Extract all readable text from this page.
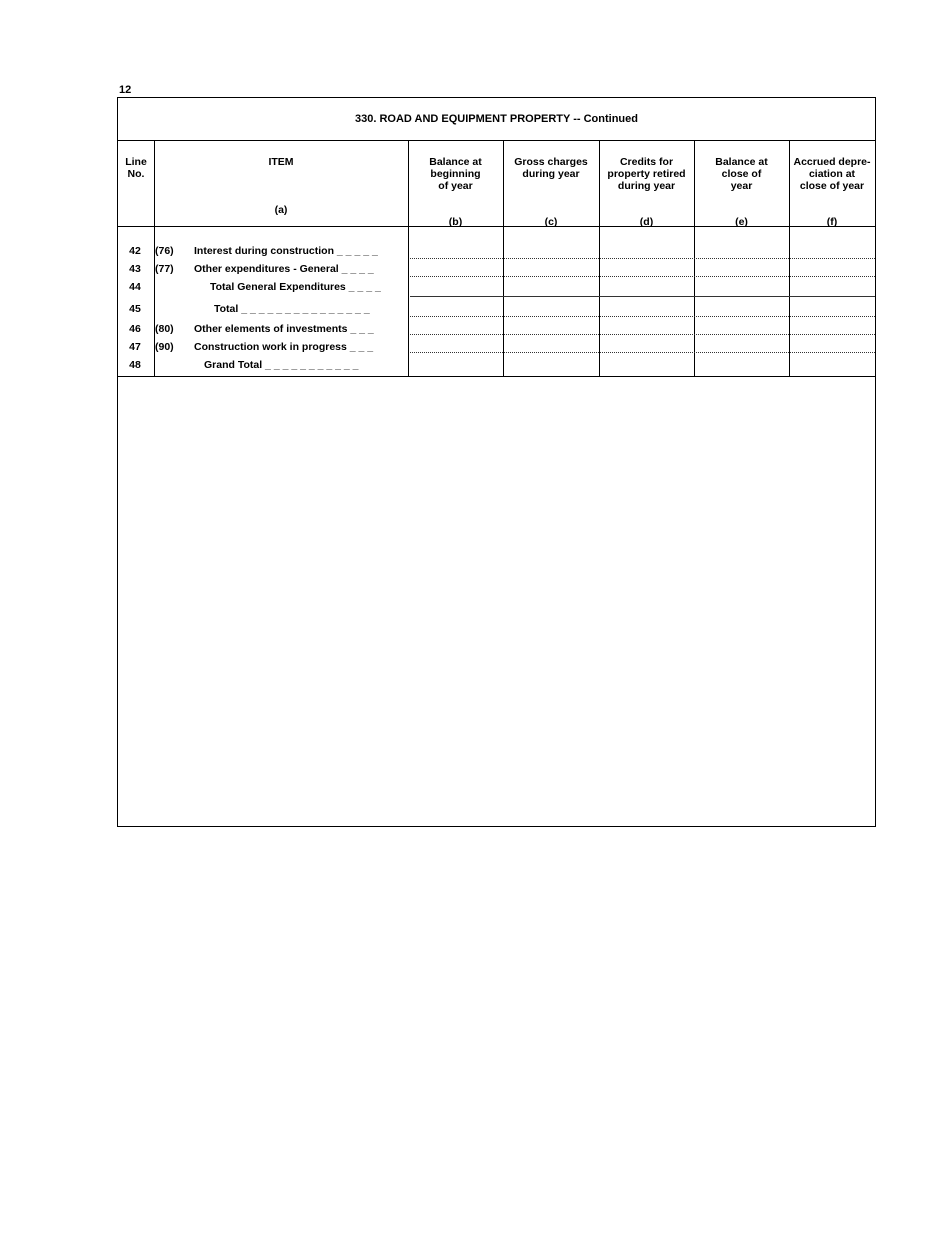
12
330. ROAD AND EQUIPMENT PROPERTY -- Continued
Line
No.
ITEM
(a)
Balance at
beginning
of year
(b)
Gross charges
during year
(c)
Credits for
property retired
during year
(d)
Balance at
close of
year
(e)
Accrued depre-
ciation at
close of year
(f)
42	(76)	Interest during construction _ _ _ _ _
43	(77)	Other expenditures - General _ _ _ _
44	Total General Expenditures _ _ _ _
45	Total _ _ _ _ _ _ _ _ _ _ _ _ _ _ _
46	(80)	Other elements of investments _ _ _
47	(90)	Construction work in progress _ _ _
48	Grand Total _ _ _ _ _ _ _ _ _ _ _
